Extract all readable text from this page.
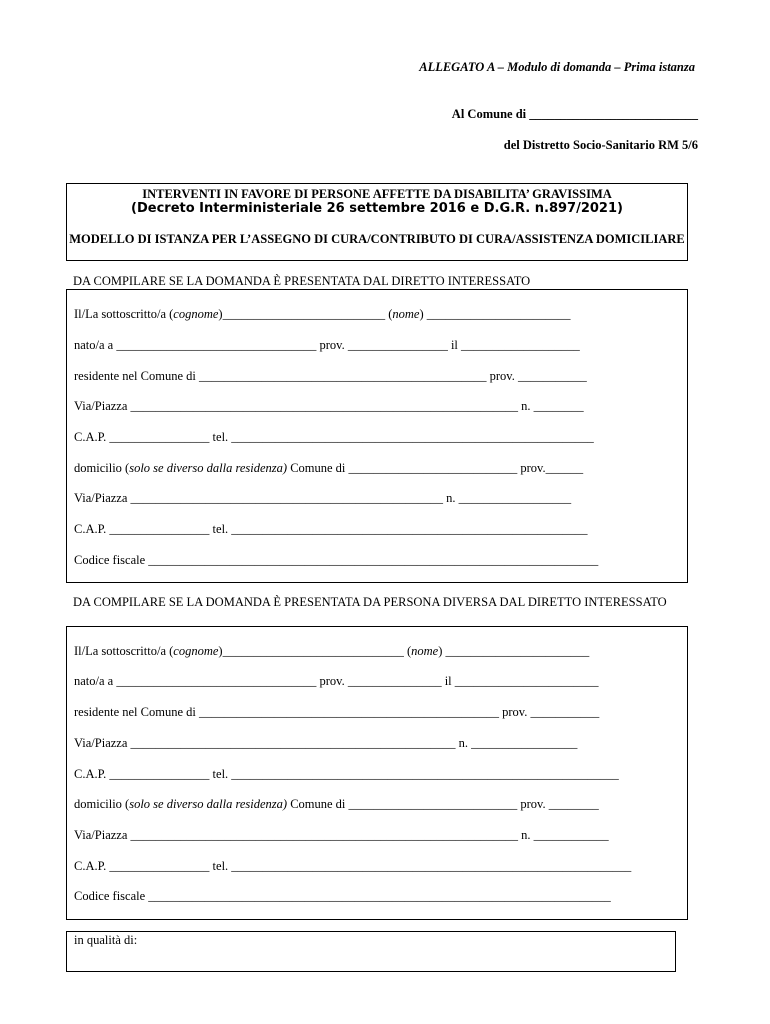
ALLEGATO A – Modulo di domanda – Prima istanza
Al Comune di ___________________________
del Distretto Socio-Sanitario RM 5/6
INTERVENTI IN FAVORE DI PERSONE AFFETTE DA DISABILITA’ GRAVISSIMA
(Decreto Interministeriale 26 settembre 2016 e D.G.R. n.897/2021)
MODELLO DI ISTANZA PER L’ASSEGNO DI CURA/CONTRIBUTO DI CURA/ASSISTENZA DOMICILIARE
DA COMPILARE SE LA DOMANDA È PRESENTATA DAL DIRETTO INTERESSATO
Il/La sottoscritto/a (cognome)__________________________ (nome) _______________________
nato/a a ________________________________ prov. ________________ il ___________________
residente nel Comune di ______________________________________________ prov. ___________
Via/Piazza ______________________________________________________________ n. ________
C.A.P. ________________ tel. __________________________________________________________
domicilio (solo se diverso dalla residenza) Comune di ___________________________ prov.______
Via/Piazza __________________________________________________ n. __________________
C.A.P. ________________ tel. _________________________________________________________
Codice fiscale ________________________________________________________________________
DA COMPILARE SE LA DOMANDA È PRESENTATA DA PERSONA DIVERSA DAL DIRETTO INTERESSATO
Il/La sottoscritto/a (cognome)_____________________________ (nome) _______________________
nato/a a ________________________________ prov. _______________ il _______________________
residente nel Comune di ________________________________________________ prov. ___________
Via/Piazza ____________________________________________________ n. _________________
C.A.P. ________________ tel. ______________________________________________________________
domicilio (solo se diverso dalla residenza) Comune di ___________________________ prov. ________
Via/Piazza ______________________________________________________________ n. ____________
C.A.P. ________________ tel. ________________________________________________________________
Codice fiscale __________________________________________________________________________
in qualità di:
